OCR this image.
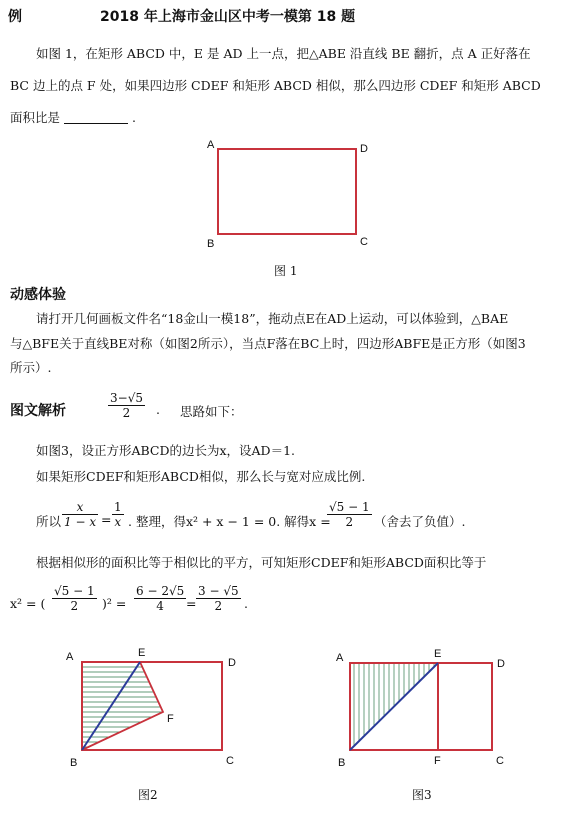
例	2018 年上海市金山区中考一模第 18 题
如图 1，在矩形 ABCD 中，E 是 AD 上一点，把△ABE 沿直线 BE 翻折，点 A 正好落在
BC 边上的点 F 处，如果四边形 CDEF 和矩形 ABCD 相似，那么四边形 CDEF 和矩形 ABCD
面积比是	.
A	D
B	C
图 1
动感体验
请打开几何画板文件名“18金山一模18”，拖动点E在AD上运动，可以体验到，△BAE
与△BFE关于直线BE对称（如图2所示），当点F落在BC上时，四边形ABFE是正方形（如图3
所示）.
图文解析	$\frac{3-√5}{2}$ . 思路如下：
如图3，设正方形ABCD的边长为x，设AD＝1.
如果矩形CDEF和矩形ABCD相似，那么长与宽对应成比例.
所以 $\frac{x}{1 - x} = \frac{1}{x}$ . 整理，得x² + x − 1 = 0. 解得x =
$\frac{√5 - 1}{2}$ （舍去了负值）.
根据相似形的面积比等于相似比的平方，可知矩形CDEF和矩形ABCD面积比等于
x² = ( $\frac{√5 - 1}{2} )^2 = \frac{6 - 2√5}{4} = \frac{3 - √5}{2}$ .
A	E
D
F
B	C
A	E
D
B	F	C
图2	图3
